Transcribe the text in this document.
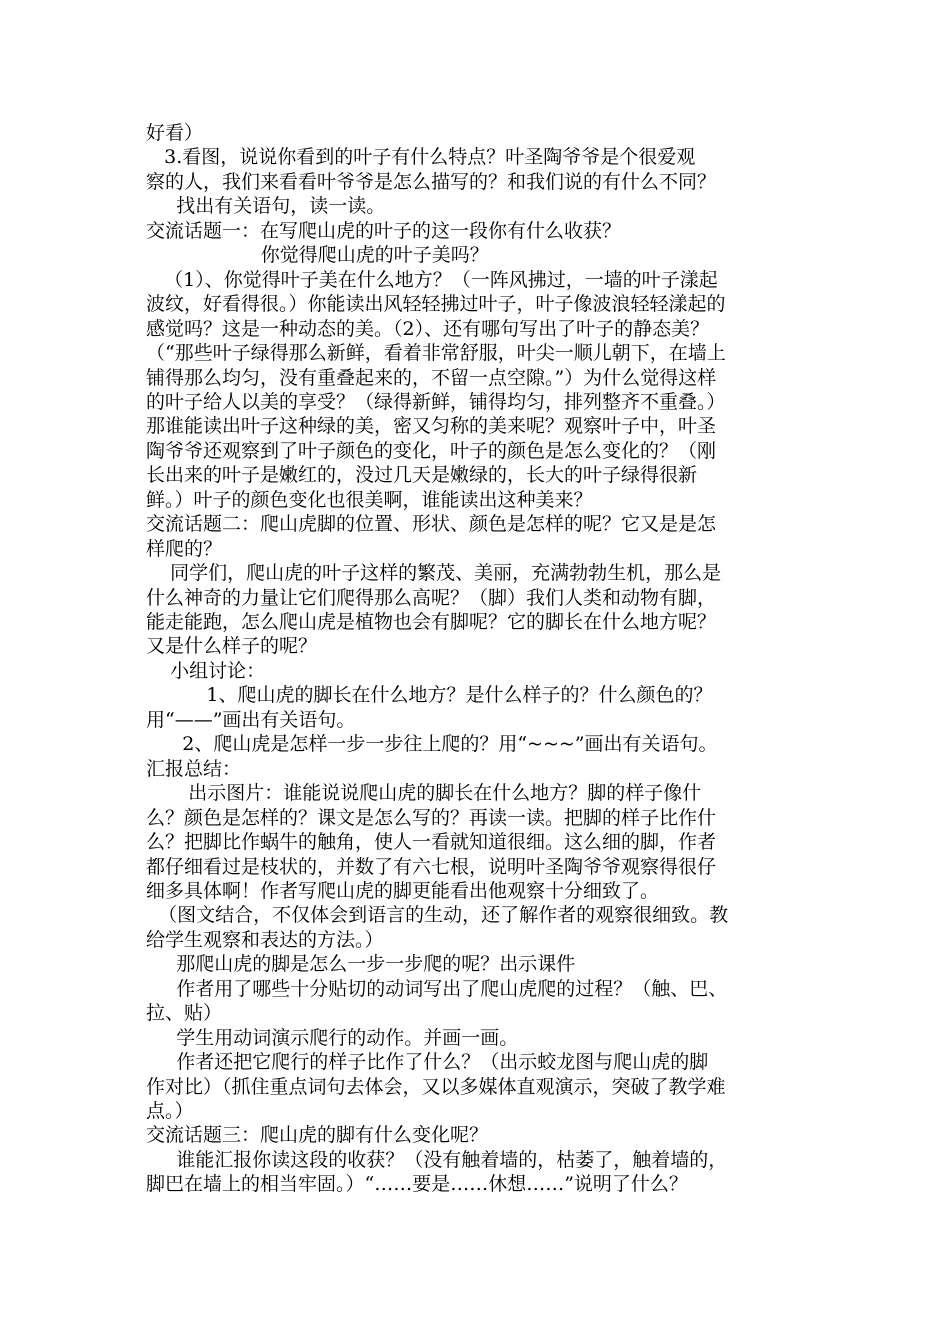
好看）

3.看图，说说你看到的叶子有什么特点？叶圣陶爷爷是个很爱观

察的人，我们来看看叶爷爷是怎么描写的？和我们说的有什么不同？

找出有关语句，读一读。

交流话题一：在写爬山虎的叶子的这一段你有什么收获？

你觉得爬山虎的叶子美吗？

（1）、你觉得叶子美在什么地方？（一阵风拂过，一墙的叶子漾起

波纹，好看得很。）你能读出风轻轻拂过叶子，叶子像波浪轻轻漾起的

感觉吗？这是一种动态的美。（2）、还有哪句写出了叶子的静态美？

（“那些叶子绿得那么新鲜，看着非常舒服，叶尖一顺儿朝下，在墙上

铺得那么均匀，没有重叠起来的，不留一点空隙。”）为什么觉得这样

的叶子给人以美的享受？（绿得新鲜，铺得均匀，排列整齐不重叠。）

那谁能读出叶子这种绿的美，密又匀称的美来呢？观察叶子中，叶圣

陶爷爷还观察到了叶子颜色的变化，叶子的颜色是怎么变化的？（刚

长出来的叶子是嫩红的，没过几天是嫩绿的，长大的叶子绿得很新

鲜。）叶子的颜色变化也很美啊，谁能读出这种美来？

交流话题二：爬山虎脚的位置、形状、颜色是怎样的呢？它又是是怎

样爬的？

同学们，爬山虎的叶子这样的繁茂、美丽，充满勃勃生机，那么是

什么神奇的力量让它们爬得那么高呢？（脚）我们人类和动物有脚，

能走能跑，怎么爬山虎是植物也会有脚呢？它的脚长在什么地方呢？

又是什么样子的呢？

小组讨论：

1、爬山虎的脚长在什么地方？是什么样子的？什么颜色的？

用“——”画出有关语句。

2、爬山虎是怎样一步一步往上爬的？用“~~~”画出有关语句。

汇报总结：

出示图片：谁能说说爬山虎的脚长在什么地方？脚的样子像什

么？颜色是怎样的？课文是怎么写的？再读一读。把脚的样子比作什

么？把脚比作蜗牛的触角，使人一看就知道很细。这么细的脚，作者

都仔细看过是枝状的，并数了有六七根，说明叶圣陶爷爷观察得很仔

细多具体啊！作者写爬山虎的脚更能看出他观察十分细致了。

（图文结合，不仅体会到语言的生动，还了解作者的观察很细致。教

给学生观察和表达的方法。）

那爬山虎的脚是怎么一步一步爬的呢？出示课件

作者用了哪些十分贴切的动词写出了爬山虎爬的过程？（触、巴、

拉、贴）

学生用动词演示爬行的动作。并画一画。

作者还把它爬行的样子比作了什么？（出示蛟龙图与爬山虎的脚

作对比）（抓住重点词句去体会，又以多媒体直观演示，突破了教学难

点。）

交流话题三：爬山虎的脚有什么变化呢？

谁能汇报你读这段的收获？（没有触着墙的，枯萎了，触着墙的，

脚巴在墙上的相当牢固。）“……要是……休想……”说明了什么？
